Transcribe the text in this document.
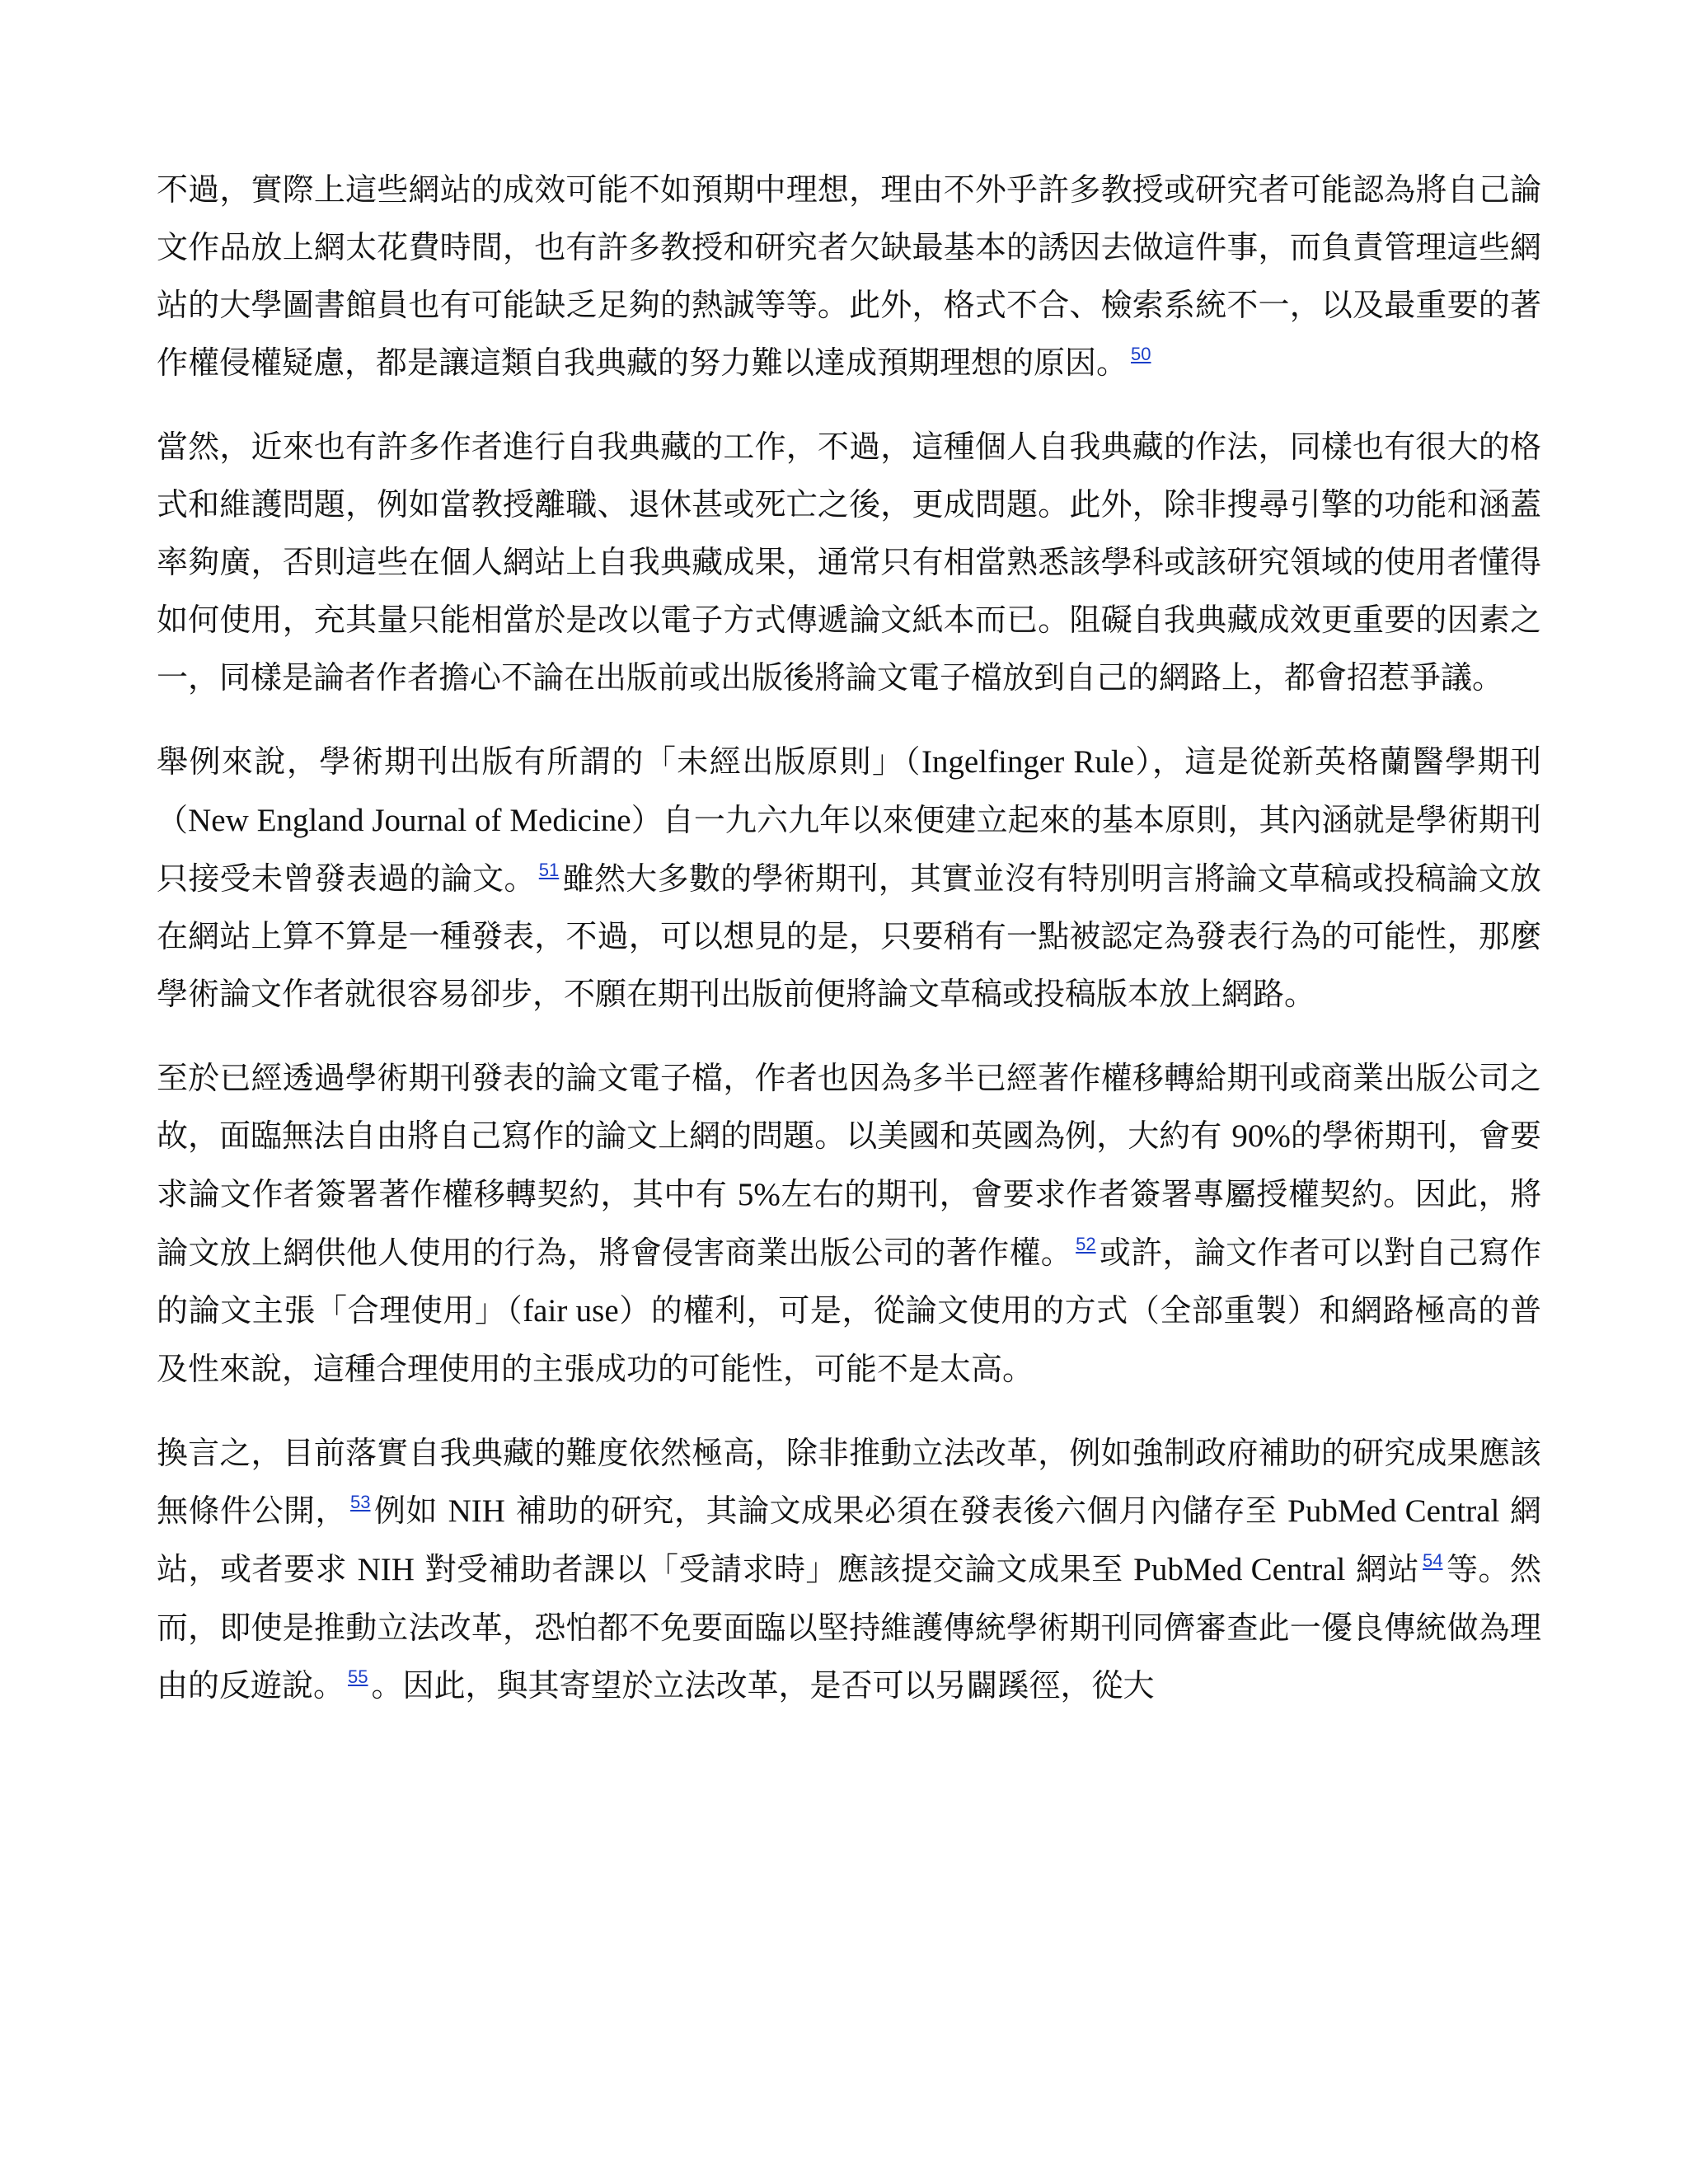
不過，實際上這些網站的成效可能不如預期中理想，理由不外乎許多教授或研究者可能認為將自己論文作品放上網太花費時間，也有許多教授和研究者欠缺最基本的誘因去做這件事，而負責管理這些網站的大學圖書館員也有可能缺乏足夠的熱誠等等。此外，格式不合、檢索系統不一，以及最重要的著作權侵權疑慮，都是讓這類自我典藏的努力難以達成預期理想的原因。 $^{50}$

當然，近來也有許多作者進行自我典藏的工作，不過，這種個人自我典藏的作法，同樣也有很大的格式和維護問題，例如當教授離職、退休甚或死亡之後，更成問題。此外，除非搜尋引擎的功能和涵蓋率夠廣，否則這些在個人網站上自我典藏成果，通常只有相當熟悉該學科或該研究領域的使用者懂得如何使用，充其量只能相當於是改以電子方式傳遞論文紙本而已。阻礙自我典藏成效更重要的因素之一，同樣是論者作者擔心不論在出版前或出版後將論文電子檔放到自己的網路上，都會招惹爭議。

舉例來說，學術期刊出版有所謂的「未經出版原則」（Ingelfinger Rule），這是從新英格蘭醫學期刊（New England Journal of Medicine）自一九六九年以來便建立起來的基本原則，其內涵就是學術期刊只接受未曾發表過的論文。 $^{51}$ 雖然大多數的學術期刊，其實並沒有特別明言將論文草稿或投稿論文放在網站上算不算是一種發表，不過，可以想見的是，只要稍有一點被認定為發表行為的可能性，那麼學術論文作者就很容易卻步，不願在期刊出版前便將論文草稿或投稿版本放上網路。

至於已經透過學術期刊發表的論文電子檔，作者也因為多半已經著作權移轉給期刊或商業出版公司之故，面臨無法自由將自己寫作的論文上網的問題。以美國和英國為例，大約有 90%的學術期刊，會要求論文作者簽署著作權移轉契約，其中有 5%左右的期刊，會要求作者簽署專屬授權契約。因此，將論文放上網供他人使用的行為，將會侵害商業出版公司的著作權。 $^{52}$ 或許，論文作者可以對自己寫作的論文主張「合理使用」（fair use）的權利，可是，從論文使用的方式（全部重製）和網路極高的普及性來說，這種合理使用的主張成功的可能性，可能不是太高。

換言之，目前落實自我典藏的難度依然極高，除非推動立法改革，例如強制政府補助的研究成果應該無條件公開， $^{53}$ 例如 NIH 補助的研究，其論文成果必須在發表後六個月內儲存至 PubMed Central 網站，或者要求 NIH 對受補助者課以「受請求時」應該提交論文成果至 PubMed Central 網站 $^{54}$ 等。然而，即使是推動立法改革，恐怕都不免要面臨以堅持維護傳統學術期刊同儕審查此一優良傳統做為理由的反遊說。 $^{55}$ 。因此，與其寄望於立法改革，是否可以另闢蹊徑，從大
